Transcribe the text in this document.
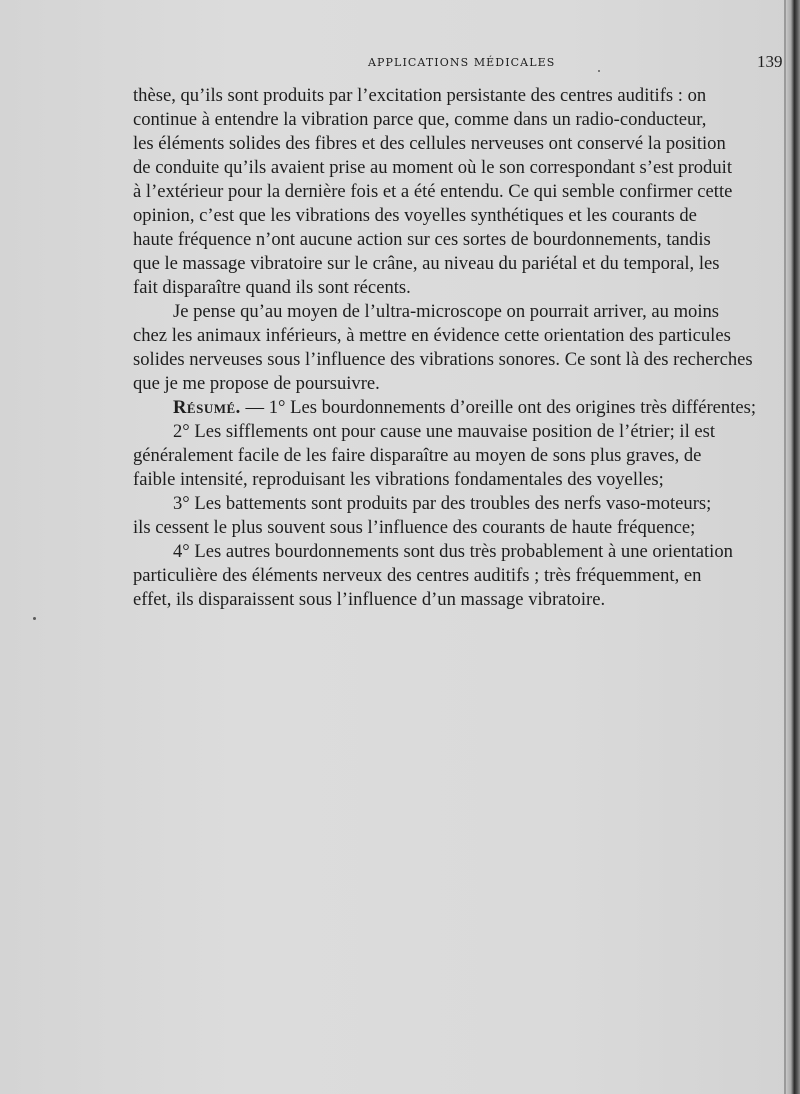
APPLICATIONS MÉDICALES	139
thèse, qu’ils sont produits par l’excitation persistante des centres auditifs : on
continue à entendre la vibration parce que, comme dans un radio-conducteur,
les éléments solides des fibres et des cellules nerveuses ont conservé la position
de conduite qu’ils avaient prise au moment où le son correspondant s’est produit
à l’extérieur pour la dernière fois et a été entendu. Ce qui semble confirmer cette
opinion, c’est que les vibrations des voyelles synthétiques et les courants de
haute fréquence n’ont aucune action sur ces sortes de bourdonnements, tandis
que le massage vibratoire sur le crâne, au niveau du pariétal et du temporal, les
fait disparaître quand ils sont récents.
Je pense qu’au moyen de l’ultra-microscope on pourrait arriver, au moins
chez les animaux inférieurs, à mettre en évidence cette orientation des particules
solides nerveuses sous l’influence des vibrations sonores. Ce sont là des recherches
que je me propose de poursuivre.
Résumé. — 1° Les bourdonnements d’oreille ont des origines très différentes;
2° Les sifflements ont pour cause une mauvaise position de l’étrier; il est
généralement facile de les faire disparaître au moyen de sons plus graves, de
faible intensité, reproduisant les vibrations fondamentales des voyelles;
3° Les battements sont produits par des troubles des nerfs vaso-moteurs;
ils cessent le plus souvent sous l’influence des courants de haute fréquence;
4° Les autres bourdonnements sont dus très probablement à une orientation
particulière des éléments nerveux des centres auditifs ; très fréquemment, en
effet, ils disparaissent sous l’influence d’un massage vibratoire.
